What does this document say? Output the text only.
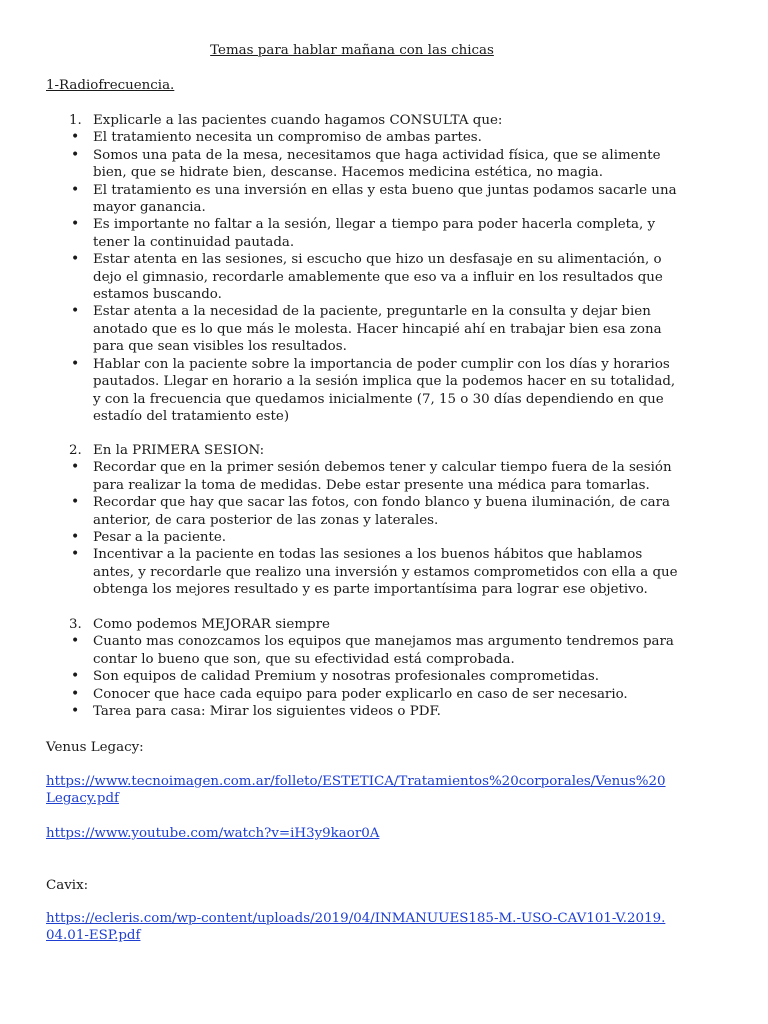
Temas para hablar mañana con las chicas
1-Radiofrecuencia.
1. Explicarle a las pacientes cuando hagamos CONSULTA que:
• El tratamiento necesita un compromiso de ambas partes.
• Somos una pata de la mesa, necesitamos que haga actividad física, que se alimente bien, que se hidrate bien, descanse. Hacemos medicina estética, no magia.
• El tratamiento es una inversión en ellas y esta bueno que juntas podamos sacarle una mayor ganancia.
• Es importante no faltar a la sesión, llegar a tiempo para poder hacerla completa, y tener la continuidad pautada.
• Estar atenta en las sesiones, si escucho que hizo un desfasaje en su alimentación, o dejo el gimnasio, recordarle amablemente que eso va a influir en los resultados que estamos buscando.
• Estar atenta a la necesidad de la paciente, preguntarle en la consulta y dejar bien anotado que es lo que más le molesta. Hacer hincapié ahí en trabajar bien esa zona para que sean visibles los resultados.
• Hablar con la paciente sobre la importancia de poder cumplir con los días y horarios pautados. Llegar en horario a la sesión implica que la podemos hacer en su totalidad, y con la frecuencia que quedamos inicialmente (7, 15 o 30 días dependiendo en que estadío del tratamiento este)
2. En la PRIMERA SESION:
• Recordar que en la primer sesión debemos tener y calcular tiempo fuera de la sesión para realizar la toma de medidas. Debe estar presente una médica para tomarlas.
• Recordar que hay que sacar las fotos, con fondo blanco y buena iluminación, de cara anterior, de cara posterior de las zonas y laterales.
• Pesar a la paciente.
• Incentivar a la paciente en todas las sesiones a los buenos hábitos que hablamos antes, y recordarle que realizo una inversión y estamos comprometidos con ella a que obtenga los mejores resultado y es parte importantísima para lograr ese objetivo.
3. Como podemos MEJORAR siempre
• Cuanto mas conozcamos los equipos que manejamos mas argumento tendremos para contar lo bueno que son, que su efectividad está comprobada.
• Son equipos de calidad Premium y nosotras profesionales comprometidas.
• Conocer que hace cada equipo para poder explicarlo en caso de ser necesario.
• Tarea para casa: Mirar los siguientes videos o PDF.

Venus Legacy:

https://www.tecnoimagen.com.ar/folleto/ESTETICA/Tratamientos%20corporales/Venus%20Legacy.pdf
https://www.youtube.com/watch?v=iH3y9kaor0A

Cavix:

https://ecleris.com/wp-content/uploads/2019/04/INMANUUES185-M.-USO-CAV101-V.2019.04.01-ESP.pdf
